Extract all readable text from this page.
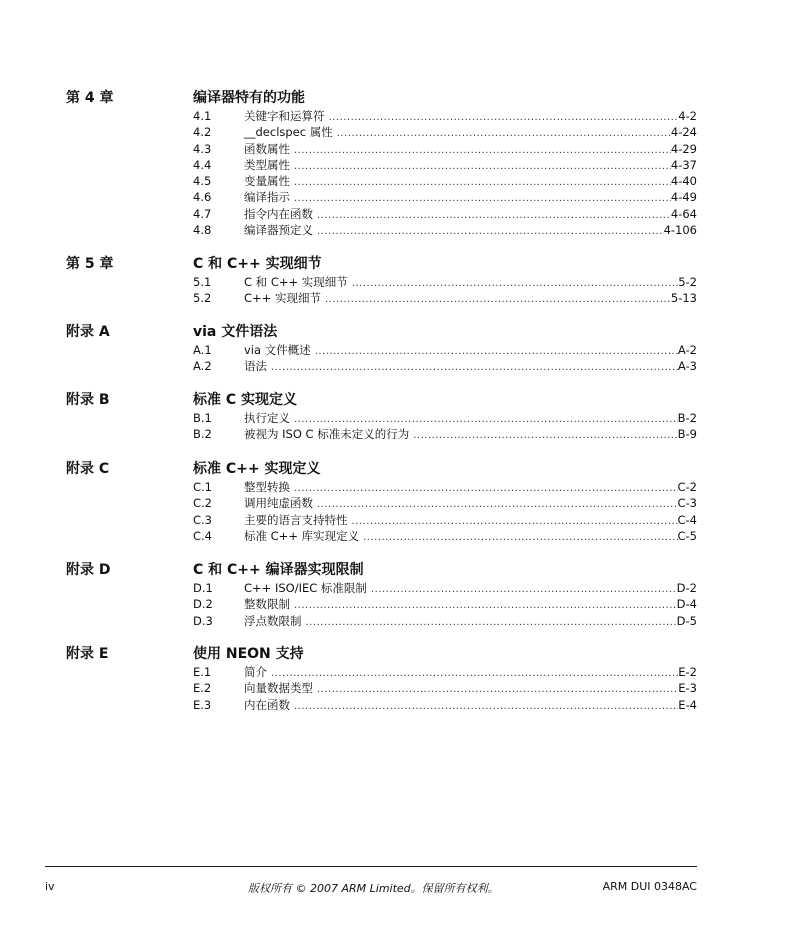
第 4 章	编译器特有的功能
4.1	关键字和运算符 .....	4-2
4.2	__declspec 属性 .....	4-24
4.3	函数属性 .....	4-29
4.4	类型属性 .....	4-37
4.5	变量属性 .....	4-40
4.6	编译指示 .....	4-49
4.7	指令内在函数 .....	4-64
4.8	编译器预定义 .....	4-106
第 5 章	C 和 C++ 实现细节
5.1	C 和 C++ 实现细节 .....	5-2
5.2	C++ 实现细节 .....	5-13
附录 A	via 文件语法
A.1	via 文件概述 .....	A-2
A.2	语法 .....	A-3
附录 B	标准 C 实现定义
B.1	执行定义 .....	B-2
B.2	被视为 ISO C 标准未定义的行为 .....	B-9
附录 C	标准 C++ 实现定义
C.1	整型转换 .....	C-2
C.2	调用纯虚函数 .....	C-3
C.3	主要的语言支持特性 .....	C-4
C.4	标准 C++ 库实现定义 .....	C-5
附录 D	C 和 C++ 编译器实现限制
D.1	C++ ISO/IEC 标准限制 .....	D-2
D.2	整数限制 .....	D-4
D.3	浮点数限制 .....	D-5
附录 E	使用 NEON 支持
E.1	简介 .....	E-2
E.2	向量数据类型 .....	E-3
E.3	内在函数 .....	E-4
iv	版权所有 © 2007 ARM Limited。保留所有权利。	ARM DUI 0348AC
